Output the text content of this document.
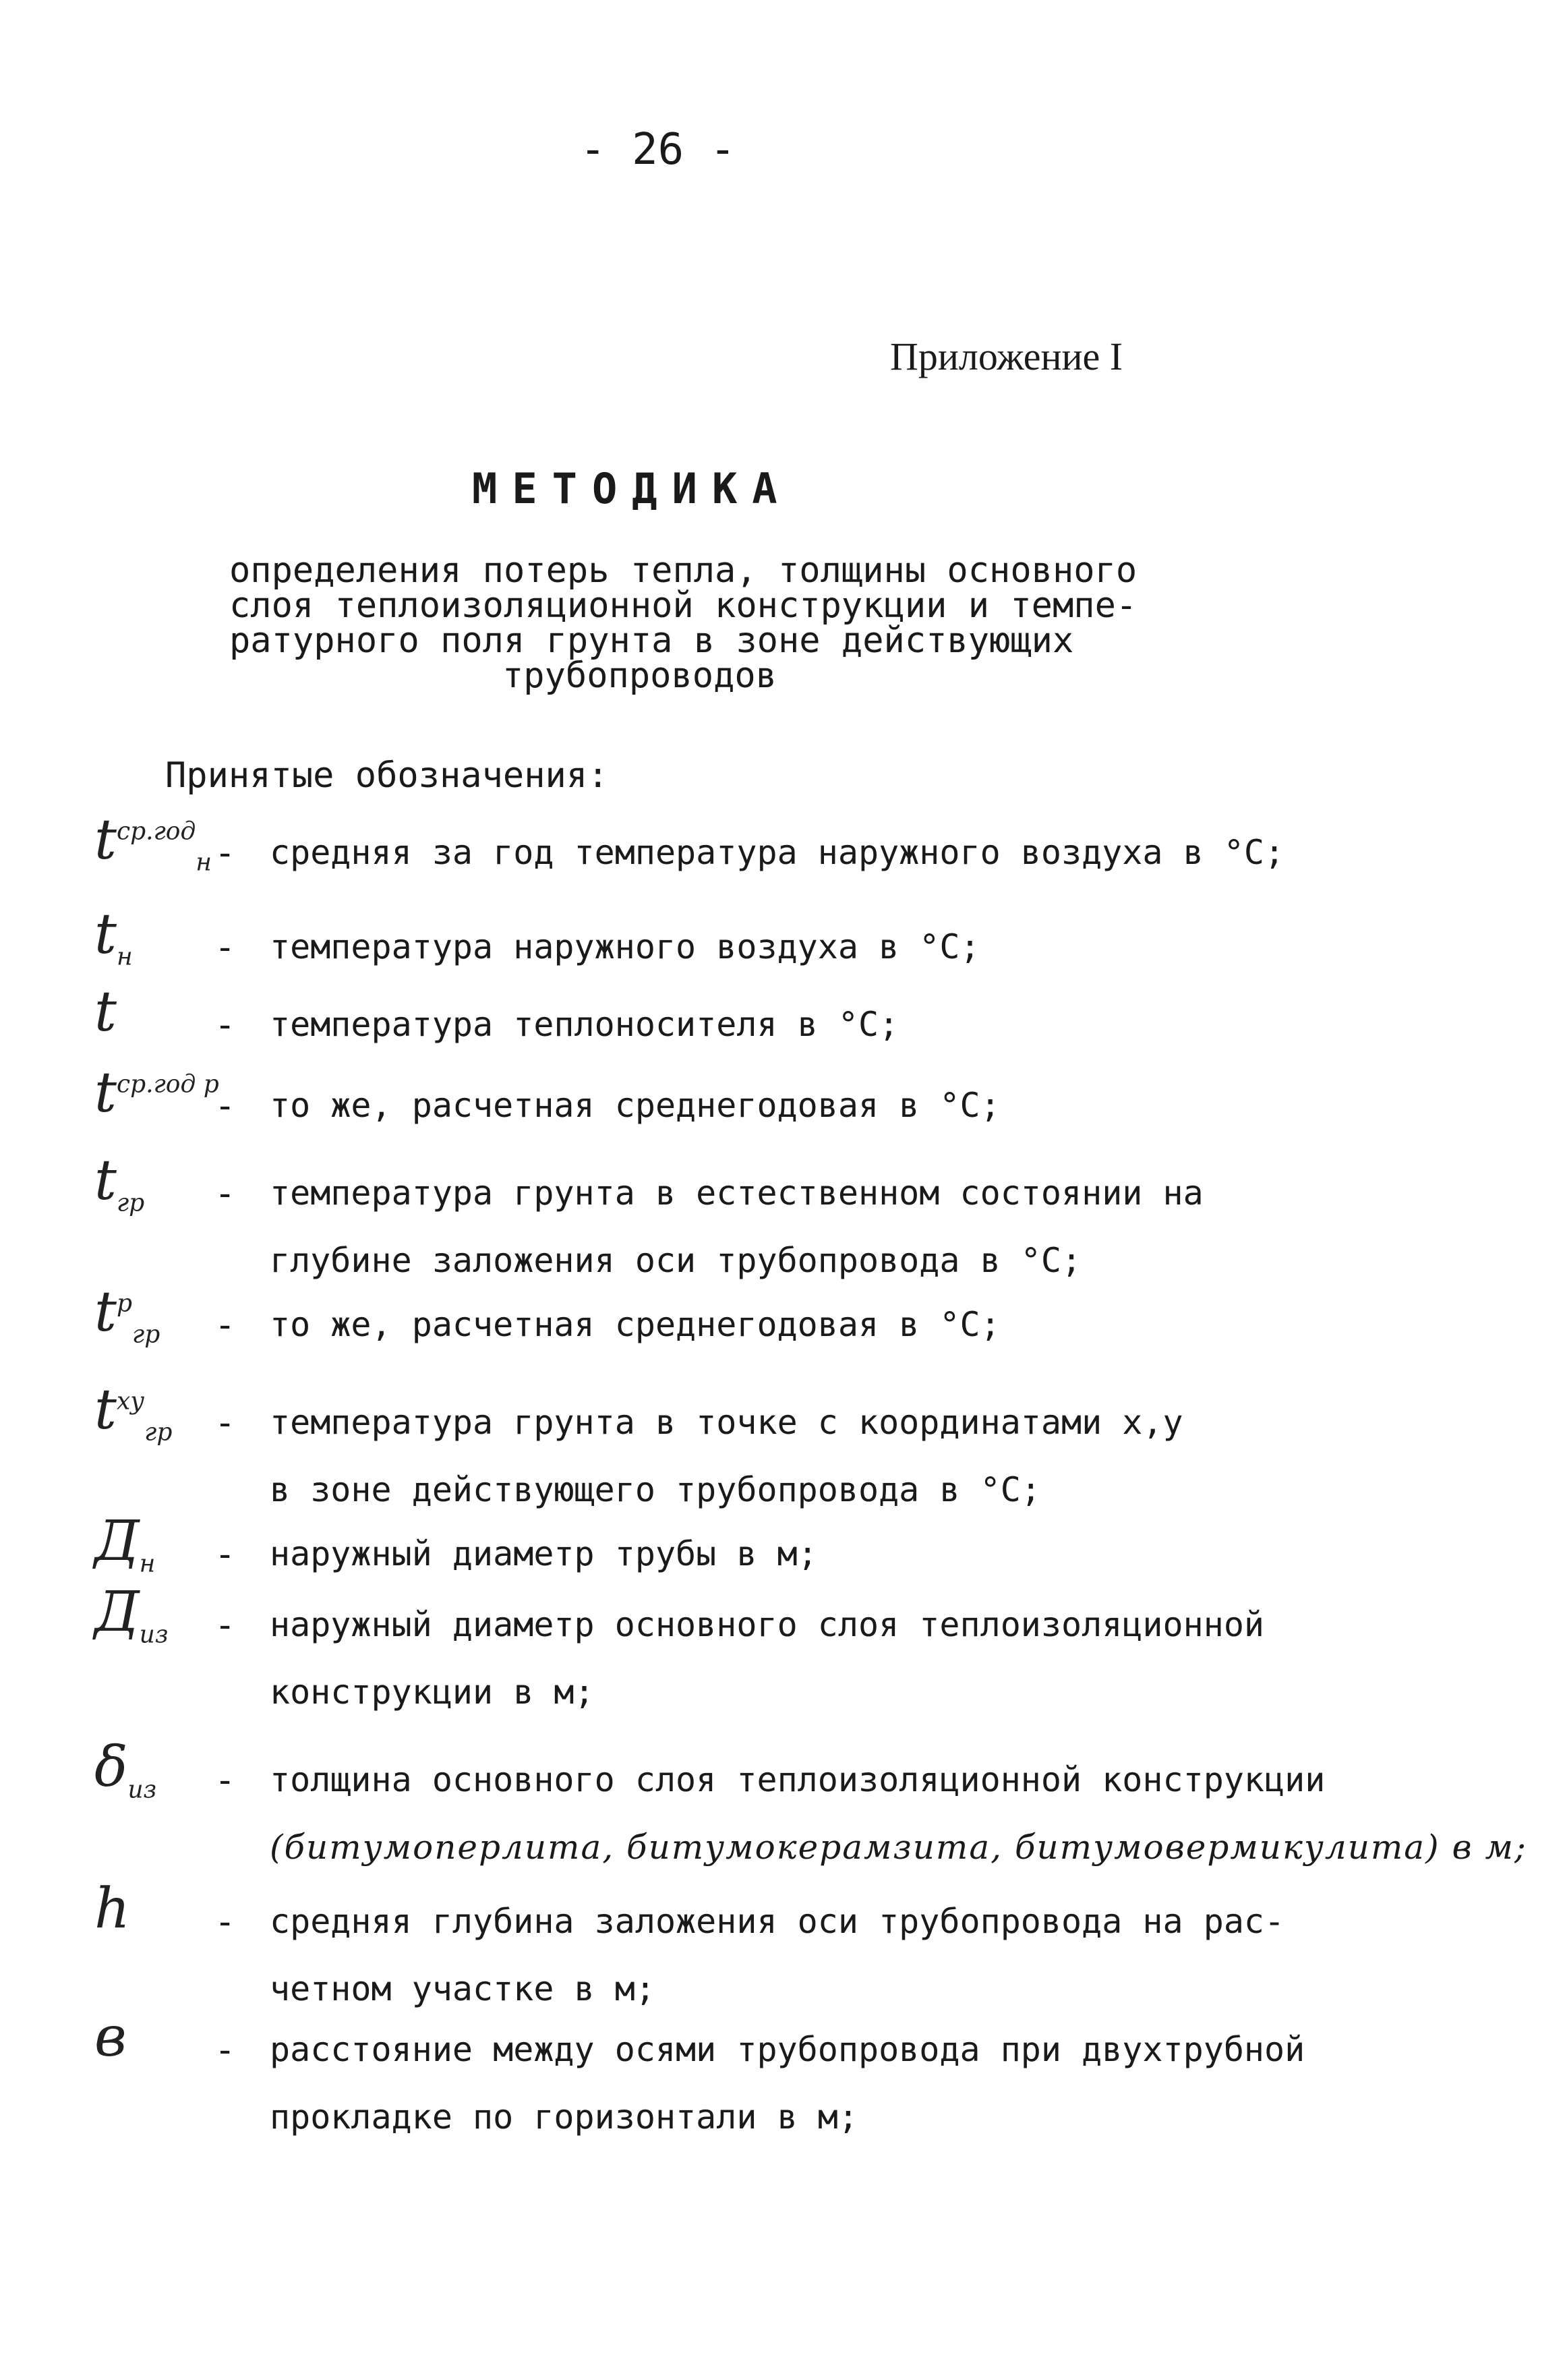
- 26 -
Приложение I
МЕТОДИКА
определения потерь тепла, толщины основного
слоя теплоизоляционной конструкции и темпе-
ратурного поля грунта в зоне действующих
трубопроводов
Принятые обозначения:
$t^{ср.год}_н$ - средняя за год температура наружного воздуха в °С;
$t_н$ - температура наружного воздуха в °С;
t	- температура теплоносителя в °С;
$t^{ср.год р}$
- то же, расчетная среднегодовая в °С;
$t_{гр}$ - температура грунта в естественном состоянии на
глубине заложения оси трубопровода в °С;
$t^р_{гр}$ - то же, расчетная среднегодовая в °С;
$t^{ху}_{гр}$ - температура грунта в точке с координатами х,у
в зоне действующего трубопровода в °С;
$Д_н$ - наружный диаметр трубы в м;
$Д_{из}$ - наружный диаметр основного слоя теплоизоляционной
конструкции в м;
$\delta_{из}$ - толщина основного слоя теплоизоляционной конструкции
(битумоперлита, битумокерамзита, битумовермикулита) в м;
h - средняя глубина заложения оси трубопровода на рас-
четном участке в м;
в	- расстояние между осями трубопровода при двухтрубной
прокладке по горизонтали в м;
